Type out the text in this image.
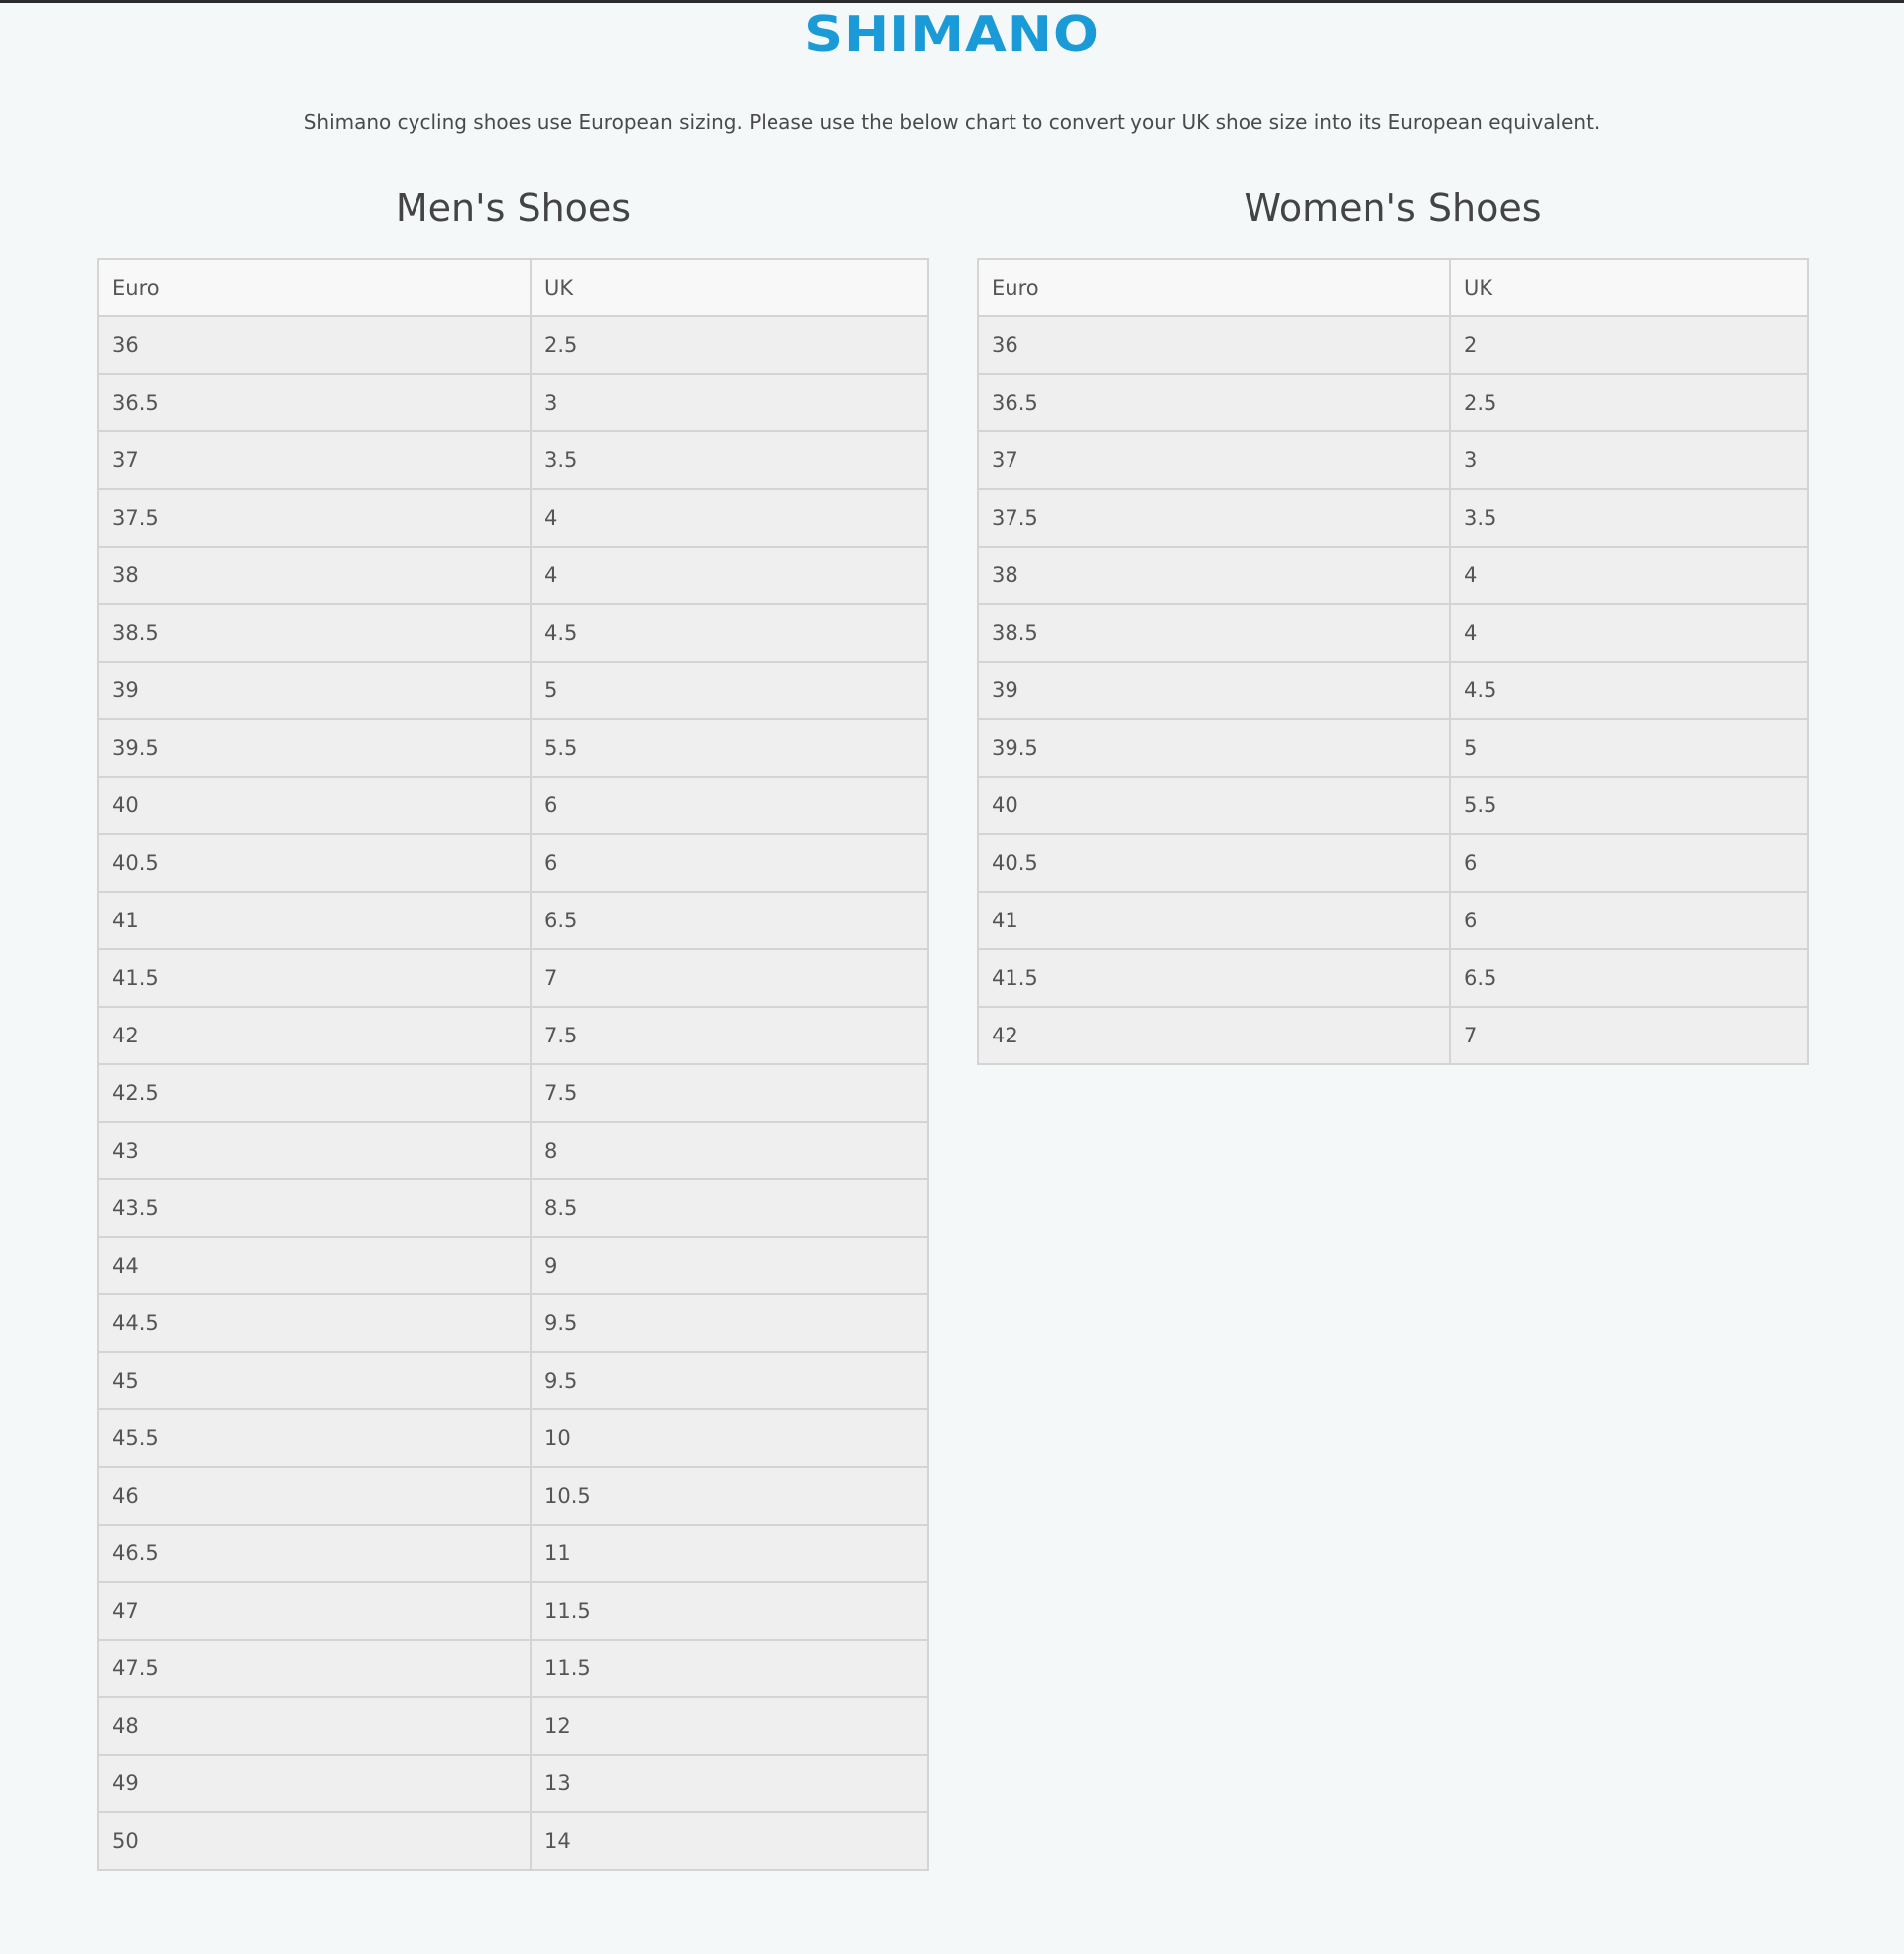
SHIMANO
Shimano cycling shoes use European sizing. Please use the below chart to convert your UK shoe size into its European equivalent.
Men's Shoes
Euro	UK
36	2.5
36.5	3
37	3.5
37.5	4
38	4
38.5	4.5
39	5
39.5	5.5
40	6
40.5	6
41	6.5
41.5	7
42	7.5
42.5	7.5
43	8
43.5	8.5
44	9
44.5	9.5
45	9.5
45.5	10
46	10.5
46.5	11
47	11.5
47.5	11.5
48	12
49	13
50	14
Women's Shoes
Euro	UK
36	2
36.5	2.5
37	3
37.5	3.5
38	4
38.5	4
39	4.5
39.5	5
40	5.5
40.5	6
41	6
41.5	6.5
42	7
